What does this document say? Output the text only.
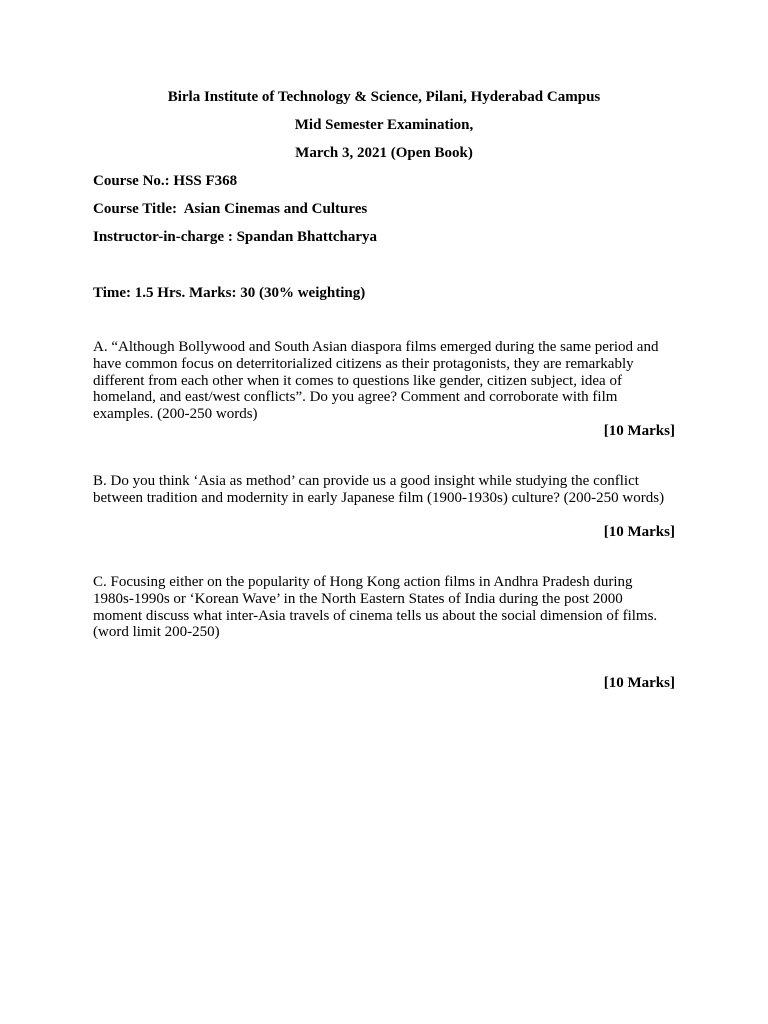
Birla Institute of Technology & Science, Pilani, Hyderabad Campus
Mid Semester Examination,
March 3, 2021 (Open Book)
Course No.: HSS F368
Course Title:  Asian Cinemas and Cultures
Instructor-in-charge : Spandan Bhattcharya
Time: 1.5 Hrs. Marks: 30 (30% weighting)
A. “Although Bollywood and South Asian diaspora films emerged during the same period and have common focus on deterritorialized citizens as their protagonists, they are remarkably different from each other when it comes to questions like gender, citizen subject, idea of homeland, and east/west conflicts”. Do you agree? Comment and corroborate with film examples. (200-250 words)
[10 Marks]
B. Do you think ‘Asia as method’ can provide us a good insight while studying the conflict between tradition and modernity in early Japanese film (1900-1930s) culture? (200-250 words)
[10 Marks]
C. Focusing either on the popularity of Hong Kong action films in Andhra Pradesh during 1980s-1990s or ‘Korean Wave’ in the North Eastern States of India during the post 2000 moment discuss what inter-Asia travels of cinema tells us about the social dimension of films. (word limit 200-250)
[10 Marks]
